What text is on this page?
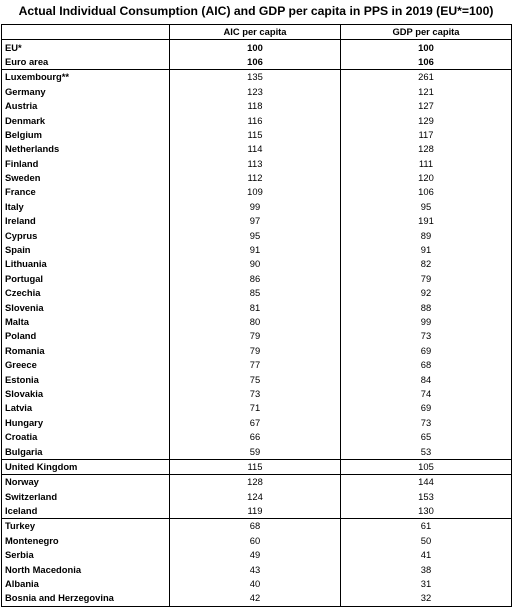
Actual Individual Consumption (AIC) and GDP per capita in PPS in 2019 (EU*=100)
	AIC per capita	GDP per capita
EU*	100	100
Euro area	106	106
Luxembourg**	135	261
Germany	123	121
Austria	118	127
Denmark	116	129
Belgium	115	117
Netherlands	114	128
Finland	113	111
Sweden	112	120
France	109	106
Italy	99	95
Ireland	97	191
Cyprus	95	89
Spain	91	91
Lithuania	90	82
Portugal	86	79
Czechia	85	92
Slovenia	81	88
Malta	80	99
Poland	79	73
Romania	79	69
Greece	77	68
Estonia	75	84
Slovakia	73	74
Latvia	71	69
Hungary	67	73
Croatia	66	65
Bulgaria	59	53
United Kingdom	115	105
Norway	128	144
Switzerland	124	153
Iceland	119	130
Turkey	68	61
Montenegro	60	50
Serbia	49	41
North Macedonia	43	38
Albania	40	31
Bosnia and Herzegovina	42	32
